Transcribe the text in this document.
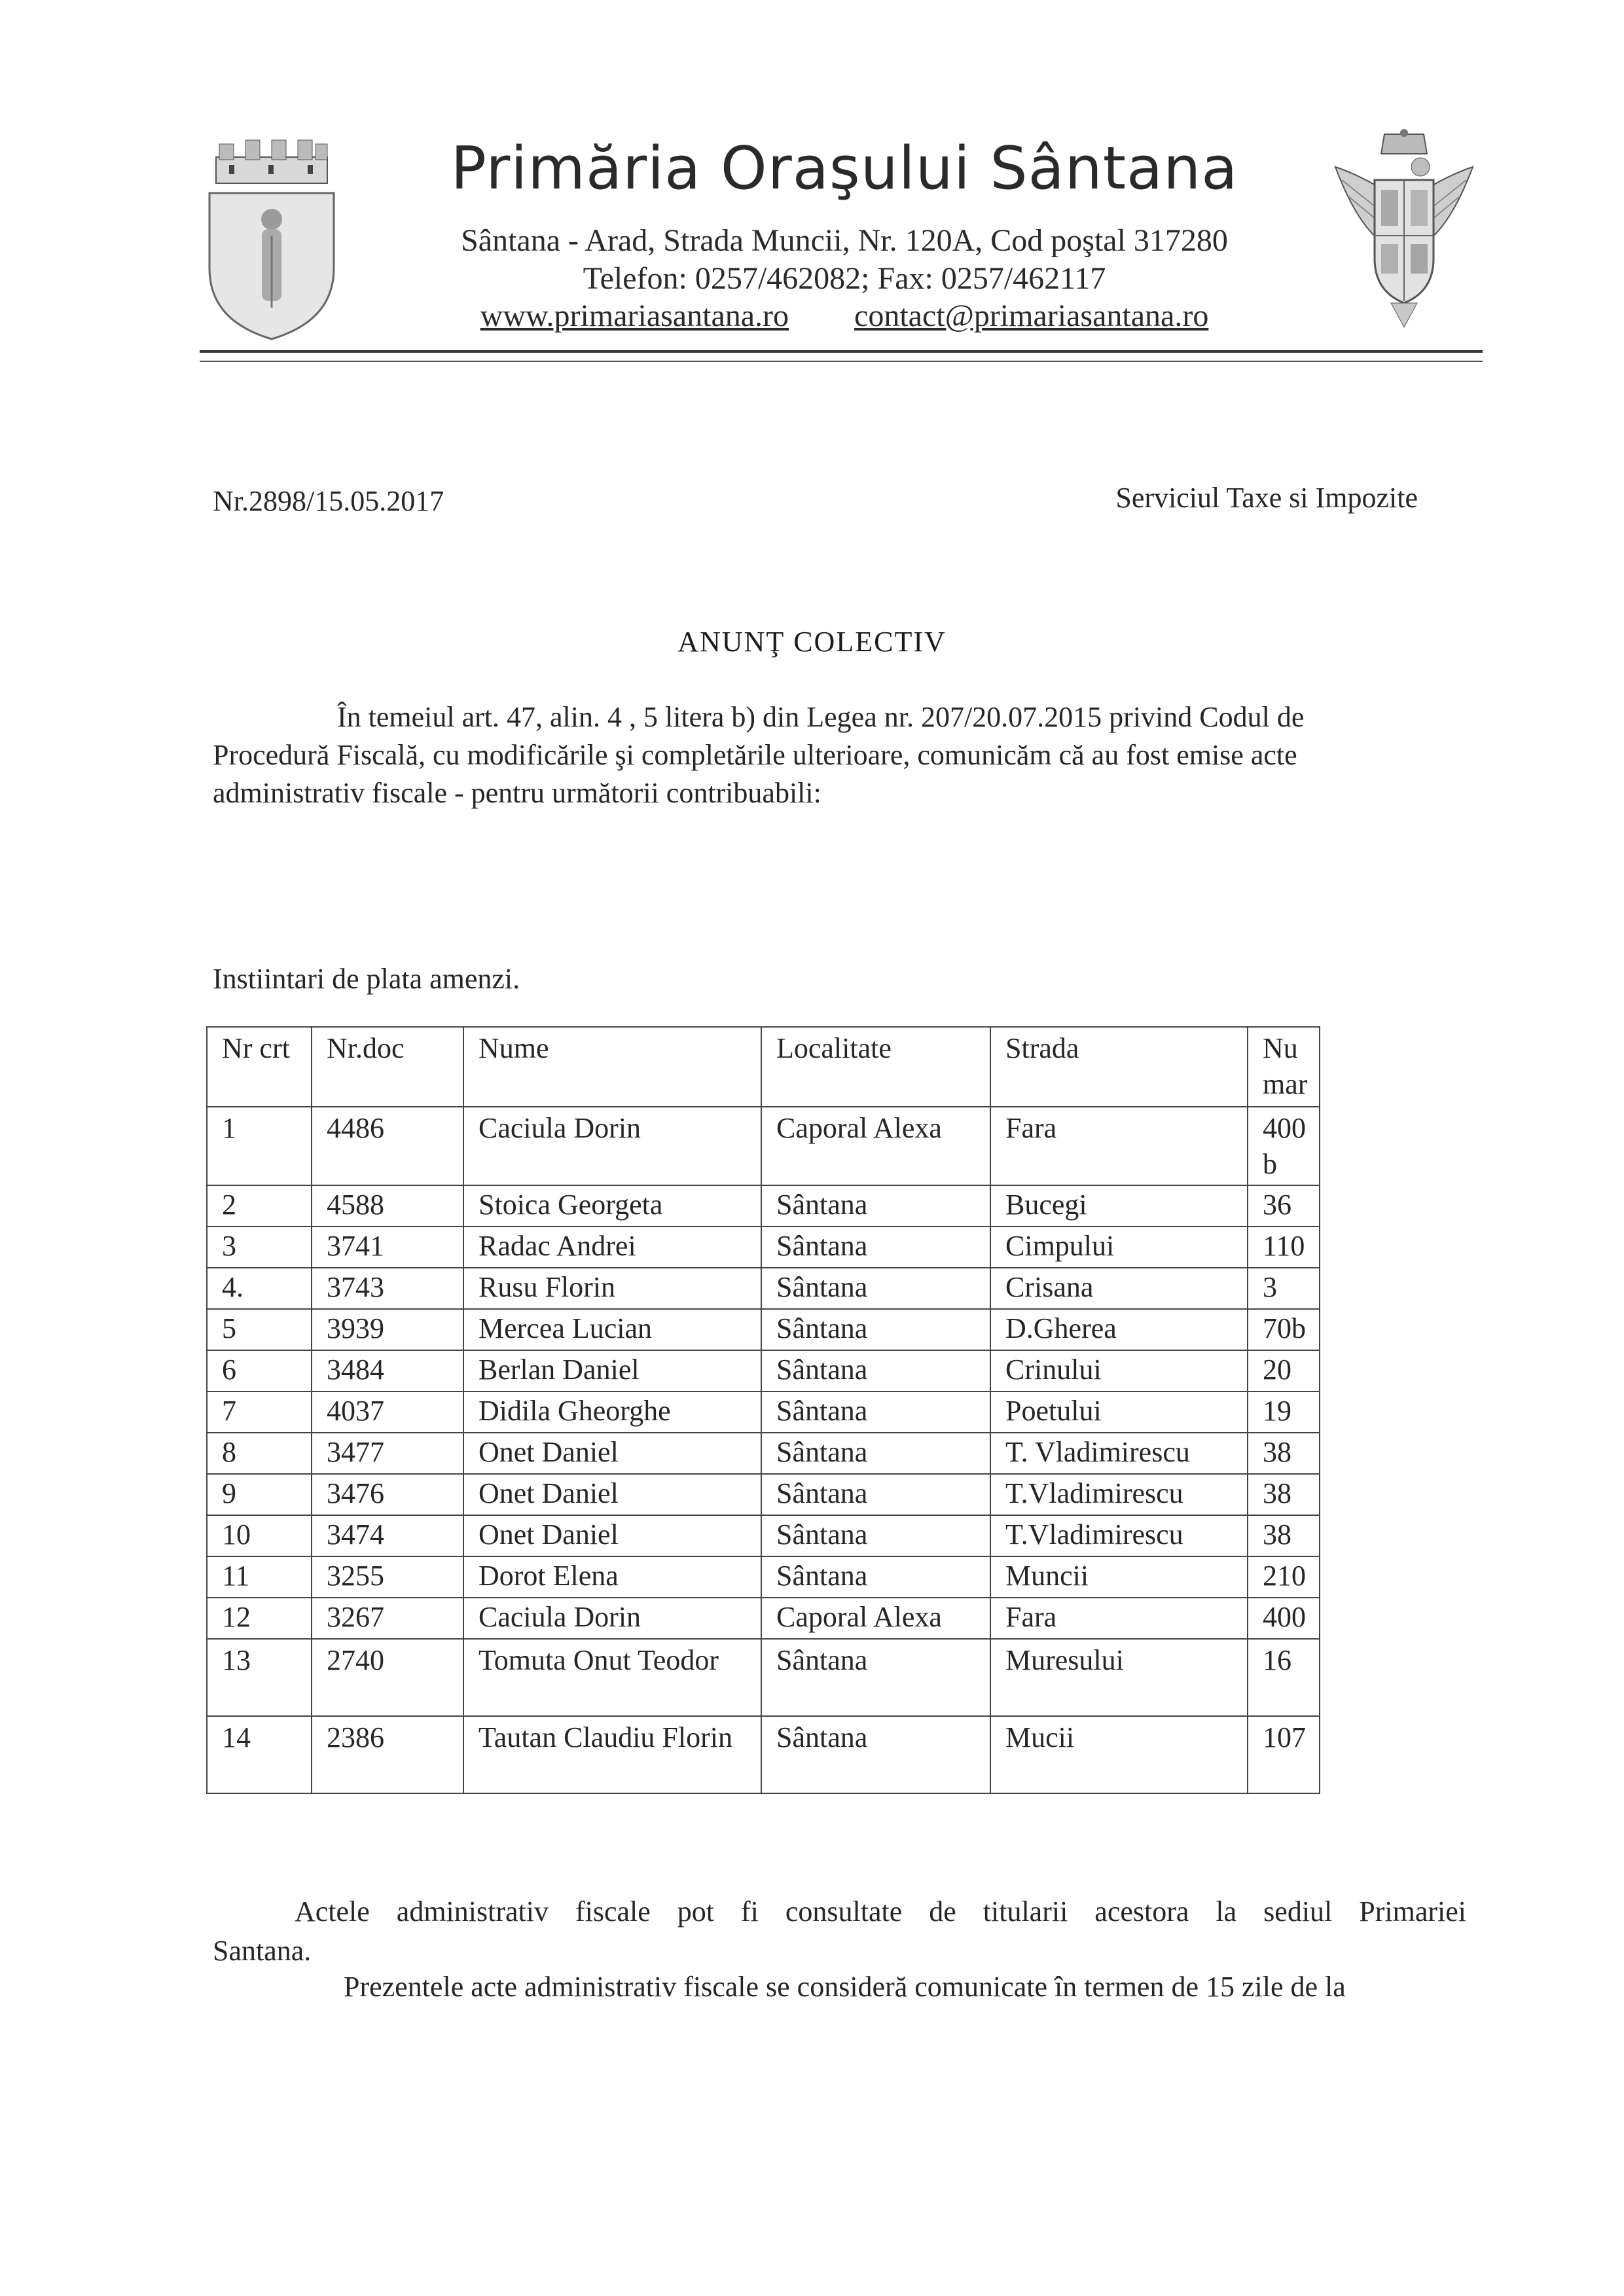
Primăria Oraşului Sântana
Sântana - Arad, Strada Muncii, Nr. 120A, Cod poştal 317280
Telefon: 0257/462082; Fax: 0257/462117
www.primariasantana.ro contact@primariasantana.ro
Nr.2898/15.05.2017	Serviciul Taxe si Impozite
ANUNŢ COLECTIV
În temeiul art. 47, alin. 4 , 5 litera b) din Legea nr. 207/20.07.2015 privind Codul de
Procedură Fiscală, cu modificările şi completările ulterioare, comunicăm că au fost emise acte
administrativ fiscale - pentru următorii contribuabili:
Instiintari de plata amenzi.
Nr crt	Nr.doc	Nume	Localitate	Strada	Nu mar
1	4486	Caciula Dorin	Caporal Alexa	Fara	400 b
2	4588	Stoica Georgeta	Sântana	Bucegi	36
3	3741	Radac Andrei	Sântana	Cimpului	110
4.	3743	Rusu Florin	Sântana	Crisana	3
5	3939	Mercea Lucian	Sântana	D.Gherea	70b
6	3484	Berlan Daniel	Sântana	Crinului	20
7	4037	Didila Gheorghe	Sântana	Poetului	19
8	3477	Onet Daniel	Sântana	T. Vladimirescu	38
9	3476	Onet Daniel	Sântana	T.Vladimirescu	38
10	3474	Onet Daniel	Sântana	T.Vladimirescu	38
11	3255	Dorot Elena	Sântana	Muncii	210
12	3267	Caciula Dorin	Caporal Alexa	Fara	400
13	2740	Tomuta Onut Teodor	Sântana	Muresului	16
14	2386	Tautan Claudiu Florin	Sântana	Mucii	107
Actele administrativ fiscale pot fi consultate de titularii acestora la sediul Primariei
Santana.
Prezentele acte administrativ fiscale se consideră comunicate în termen de 15 zile de la
